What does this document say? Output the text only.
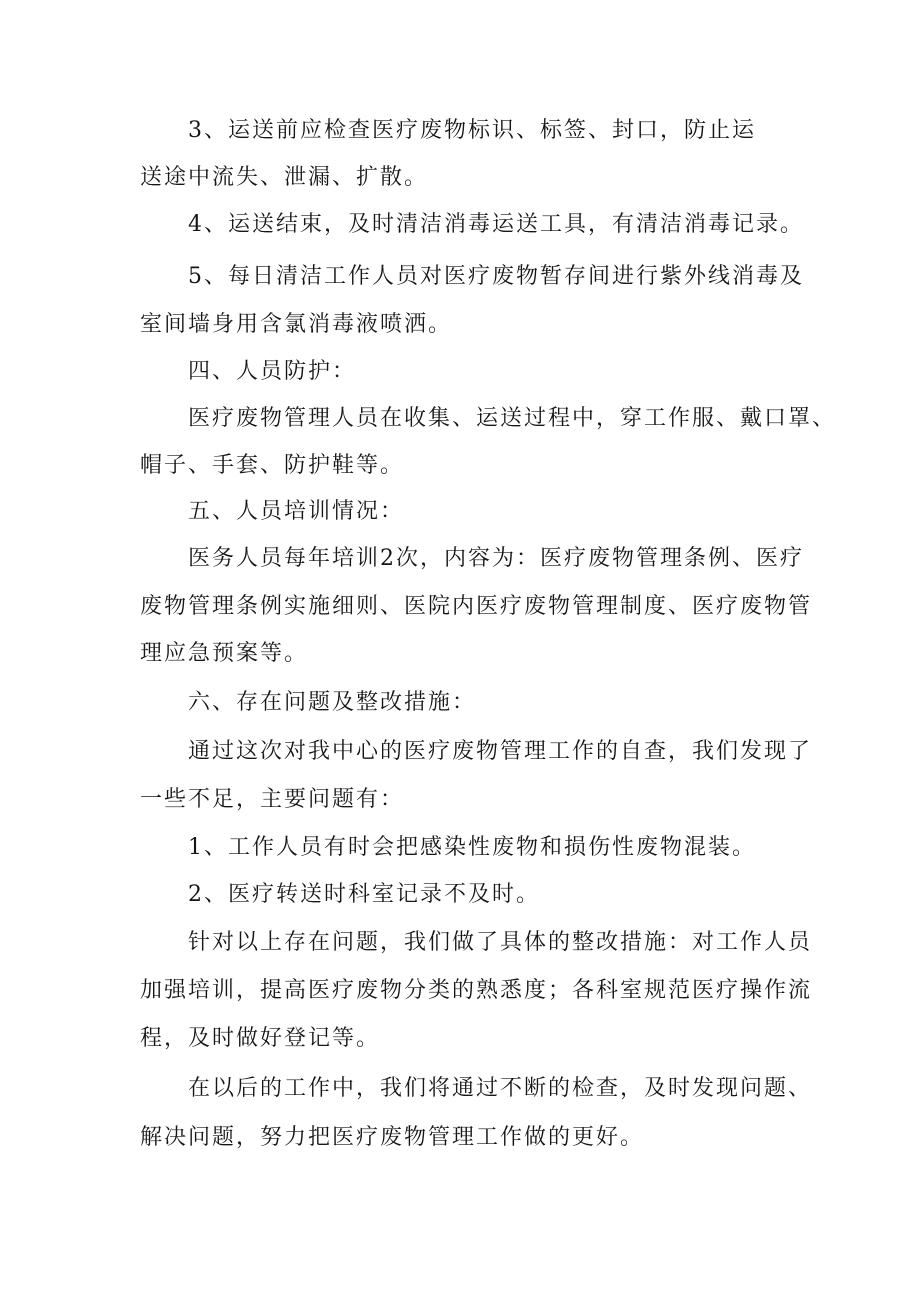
3、运送前应检查医疗废物标识、标签、封口，防止运
送途中流失、泄漏、扩散。
4、运送结束，及时清洁消毒运送工具，有清洁消毒记录。
5、每日清洁工作人员对医疗废物暂存间进行紫外线消毒及
室间墙身用含氯消毒液喷洒。
四、人员防护：
医疗废物管理人员在收集、运送过程中，穿工作服、戴口罩、
帽子、手套、防护鞋等。
五、人员培训情况：
医务人员每年培训2次，内容为：医疗废物管理条例、医疗
废物管理条例实施细则、医院内医疗废物管理制度、医疗废物管
理应急预案等。
六、存在问题及整改措施：
通过这次对我中心的医疗废物管理工作的自查，我们发现了
一些不足，主要问题有：
1、工作人员有时会把感染性废物和损伤性废物混装。
2、医疗转送时科室记录不及时。
针对以上存在问题，我们做了具体的整改措施：对工作人员
加强培训，提高医疗废物分类的熟悉度；各科室规范医疗操作流
程，及时做好登记等。
在以后的工作中，我们将通过不断的检查，及时发现问题、
解决问题，努力把医疗废物管理工作做的更好。
